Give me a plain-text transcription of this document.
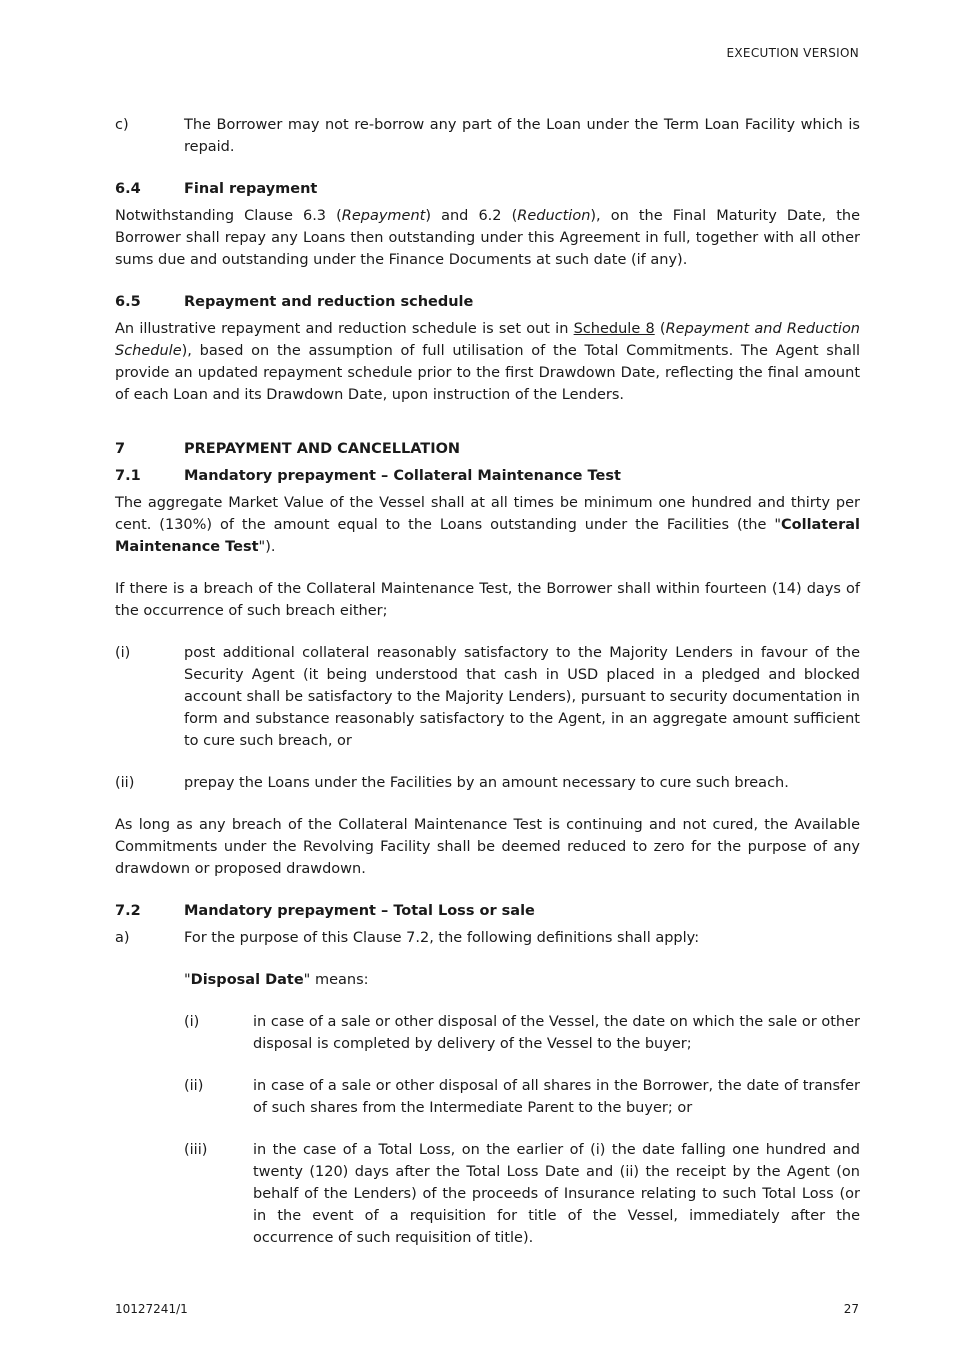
EXECUTION VERSION
c)	The Borrower may not re-borrow any part of the Loan under the Term Loan Facility which is repaid.
6.4	Final repayment

Notwithstanding Clause 6.3 (Repayment) and 6.2 (Reduction), on the Final Maturity Date, the Borrower shall repay any Loans then outstanding under this Agreement in full, together with all other sums due and outstanding under the Finance Documents at such date (if any).

6.5	Repayment and reduction schedule

An illustrative repayment and reduction schedule is set out in Schedule 8 (Repayment and Reduction Schedule), based on the assumption of full utilisation of the Total Commitments. The Agent shall provide an updated repayment schedule prior to the first Drawdown Date, reflecting the final amount of each Loan and its Drawdown Date, upon instruction of the Lenders.

7	PREPAYMENT AND CANCELLATION
7.1	Mandatory prepayment – Collateral Maintenance Test

The aggregate Market Value of the Vessel shall at all times be minimum one hundred and thirty per cent. (130%) of the amount equal to the Loans outstanding under the Facilities (the "Collateral Maintenance Test").

If there is a breach of the Collateral Maintenance Test, the Borrower shall within fourteen (14) days of the occurrence of such breach either;

(i)	post additional collateral reasonably satisfactory to the Majority Lenders in favour of the Security Agent (it being understood that cash in USD placed in a pledged and blocked account shall be satisfactory to the Majority Lenders), pursuant to security documentation in form and substance reasonably satisfactory to the Agent, in an aggregate amount sufficient to cure such breach, or
(ii)	prepay the Loans under the Facilities by an amount necessary to cure such breach.

As long as any breach of the Collateral Maintenance Test is continuing and not cured, the Available Commitments under the Revolving Facility shall be deemed reduced to zero for the purpose of any drawdown or proposed drawdown.

7.2	Mandatory prepayment – Total Loss or sale
a)	For the purpose of this Clause 7.2, the following definitions shall apply:

"Disposal Date" means:

(i)	in case of a sale or other disposal of the Vessel, the date on which the sale or other disposal is completed by delivery of the Vessel to the buyer;
(ii)	in case of a sale or other disposal of all shares in the Borrower, the date of transfer of such shares from the Intermediate Parent to the buyer; or
(iii)	in the case of a Total Loss, on the earlier of (i) the date falling one hundred and twenty (120) days after the Total Loss Date and (ii) the receipt by the Agent (on behalf of the Lenders) of the proceeds of Insurance relating to such Total Loss (or in the event of a requisition for title of the Vessel, immediately after the occurrence of such requisition of title).
10127241/1	27
